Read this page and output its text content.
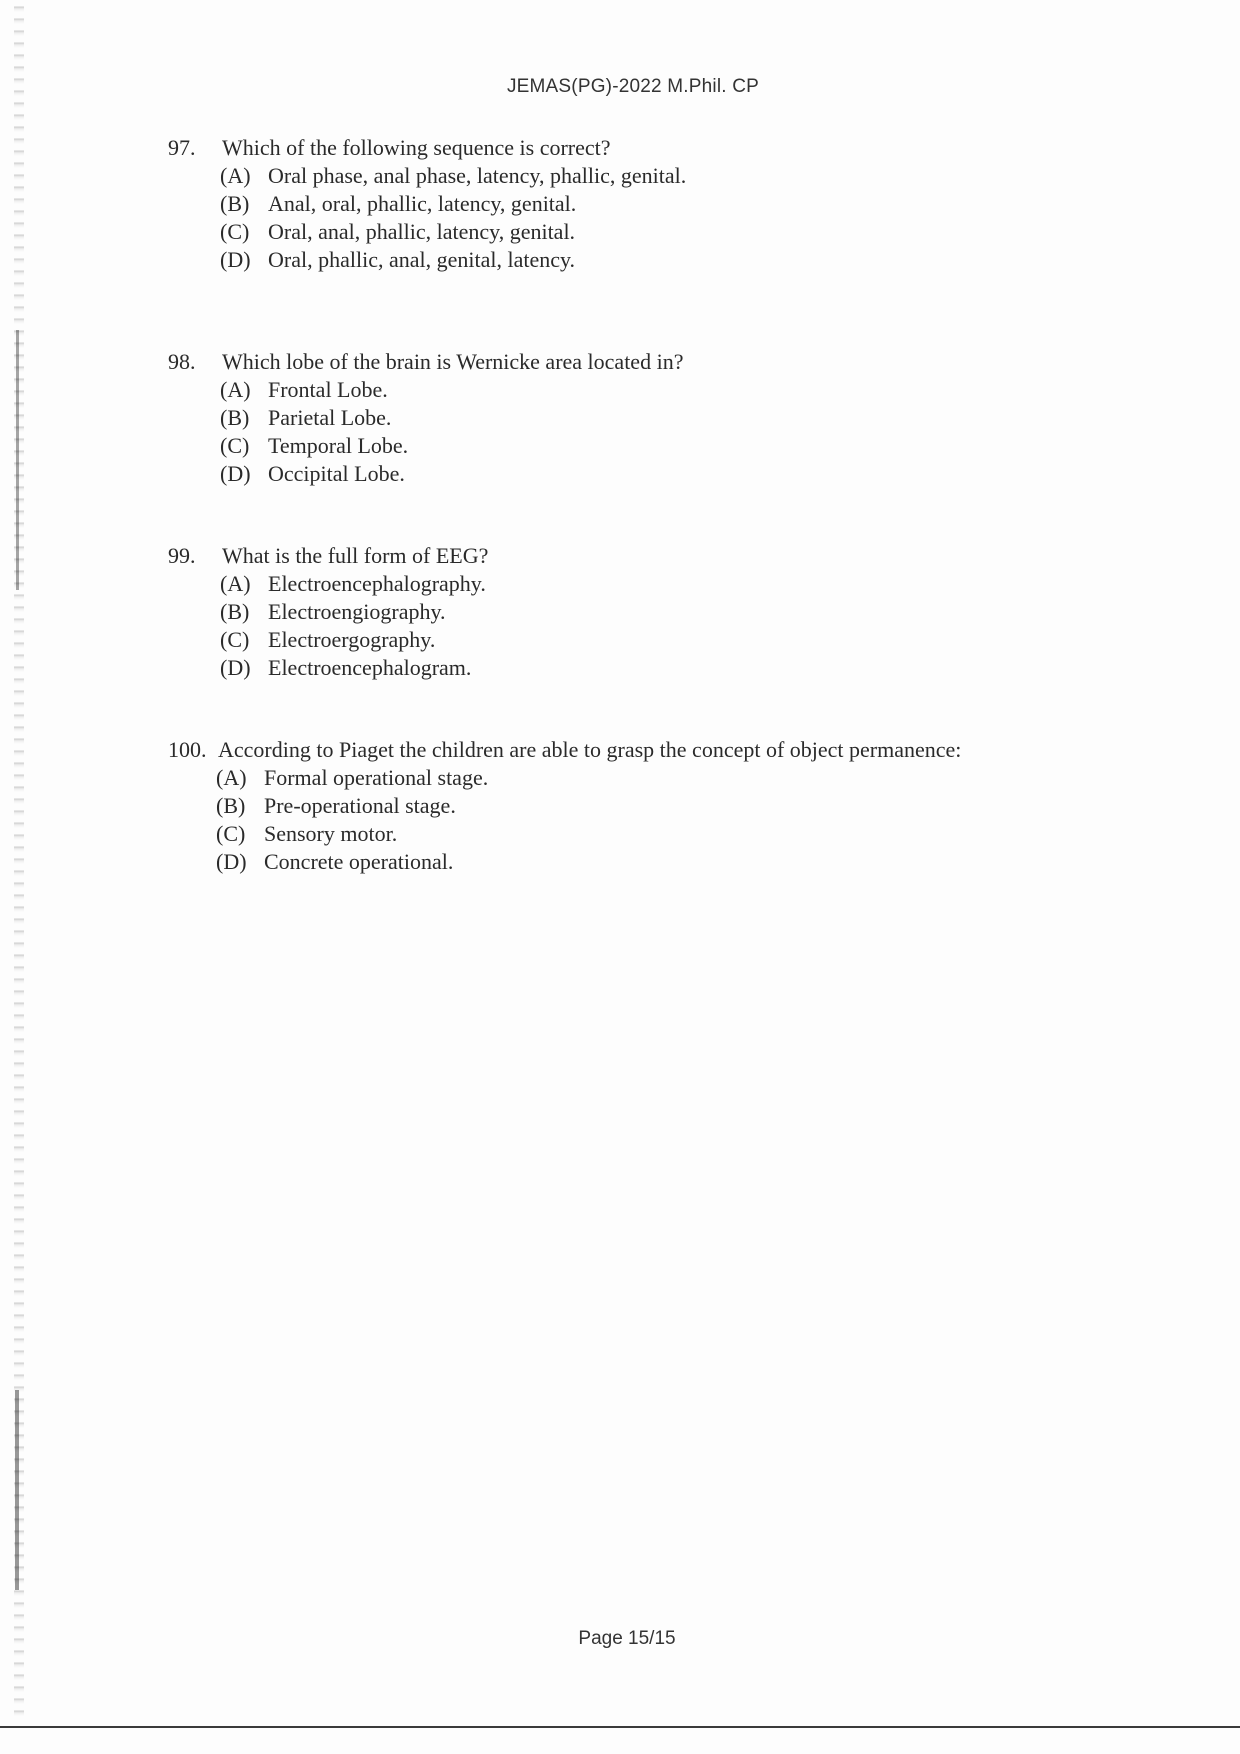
JEMAS(PG)-2022 M.Phil. CP
97.	Which of the following sequence is correct?
(A) Oral phase, anal phase, latency, phallic, genital.
(B) Anal, oral, phallic, latency, genital.
(C) Oral, anal, phallic, latency, genital.
(D) Oral, phallic, anal, genital, latency.
98.	Which lobe of the brain is Wernicke area located in?
(A) Frontal Lobe.
(B) Parietal Lobe.
(C) Temporal Lobe.
(D) Occipital Lobe.
99.	What is the full form of EEG?
(A) Electroencephalography.
(B) Electroengiography.
(C) Electroergography.
(D) Electroencephalogram.
100. According to Piaget the children are able to grasp the concept of object permanence:
(A) Formal operational stage.
(B) Pre-operational stage.
(C) Sensory motor.
(D) Concrete operational.
Page 15/15
